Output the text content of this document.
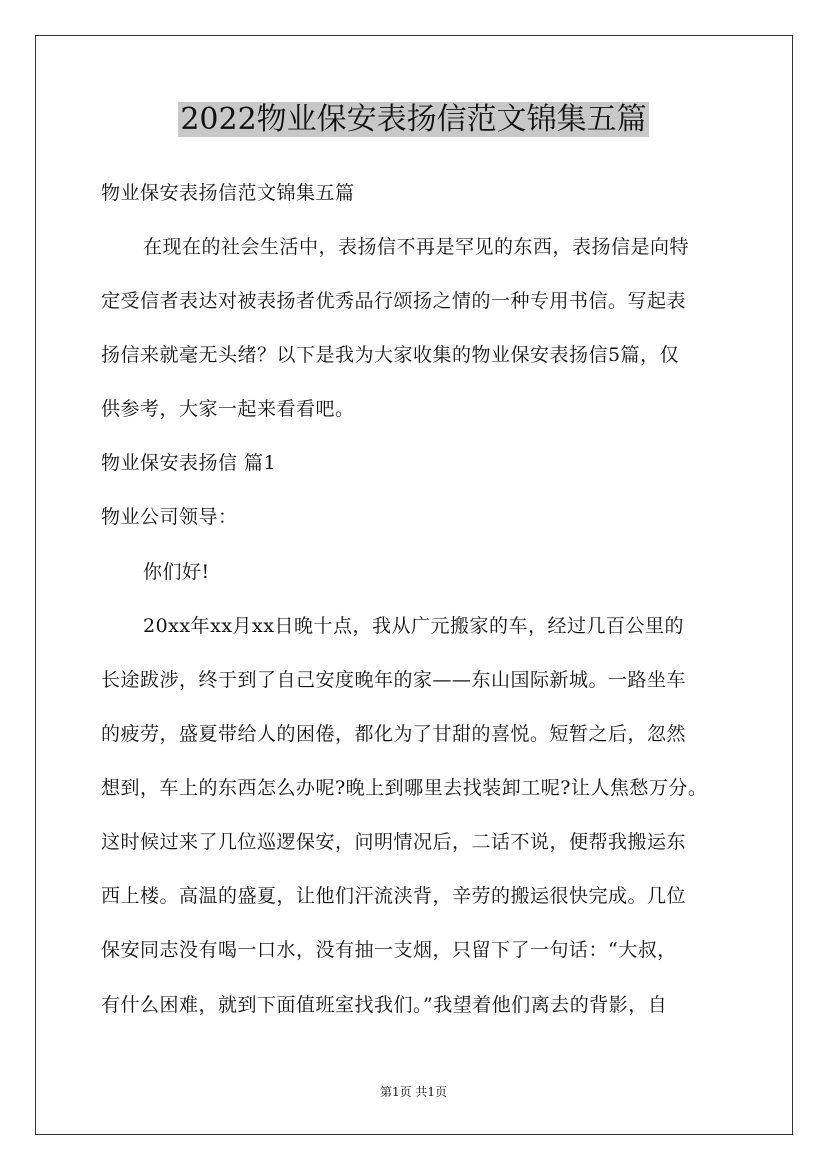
2022物业保安表扬信范文锦集五篇
物业保安表扬信范文锦集五篇
在现在的社会生活中，表扬信不再是罕见的东西，表扬信是向特
定受信者表达对被表扬者优秀品行颂扬之情的一种专用书信。写起表
扬信来就毫无头绪？以下是我为大家收集的物业保安表扬信5篇，仅
供参考，大家一起来看看吧。
物业保安表扬信 篇1
物业公司领导：
你们好!
20xx年xx月xx日晚十点，我从广元搬家的车，经过几百公里的
长途跋涉，终于到了自己安度晚年的家——东山国际新城。一路坐车
的疲劳，盛夏带给人的困倦，都化为了甘甜的喜悦。短暂之后，忽然
想到，车上的东西怎么办呢?晚上到哪里去找装卸工呢?让人焦愁万分。
这时候过来了几位巡逻保安，问明情况后，二话不说，便帮我搬运东
西上楼。高温的盛夏，让他们汗流浃背，辛劳的搬运很快完成。几位
保安同志没有喝一口水，没有抽一支烟，只留下了一句话：“大叔，
有什么困难，就到下面值班室找我们。”我望着他们离去的背影，自
第1页 共1页
